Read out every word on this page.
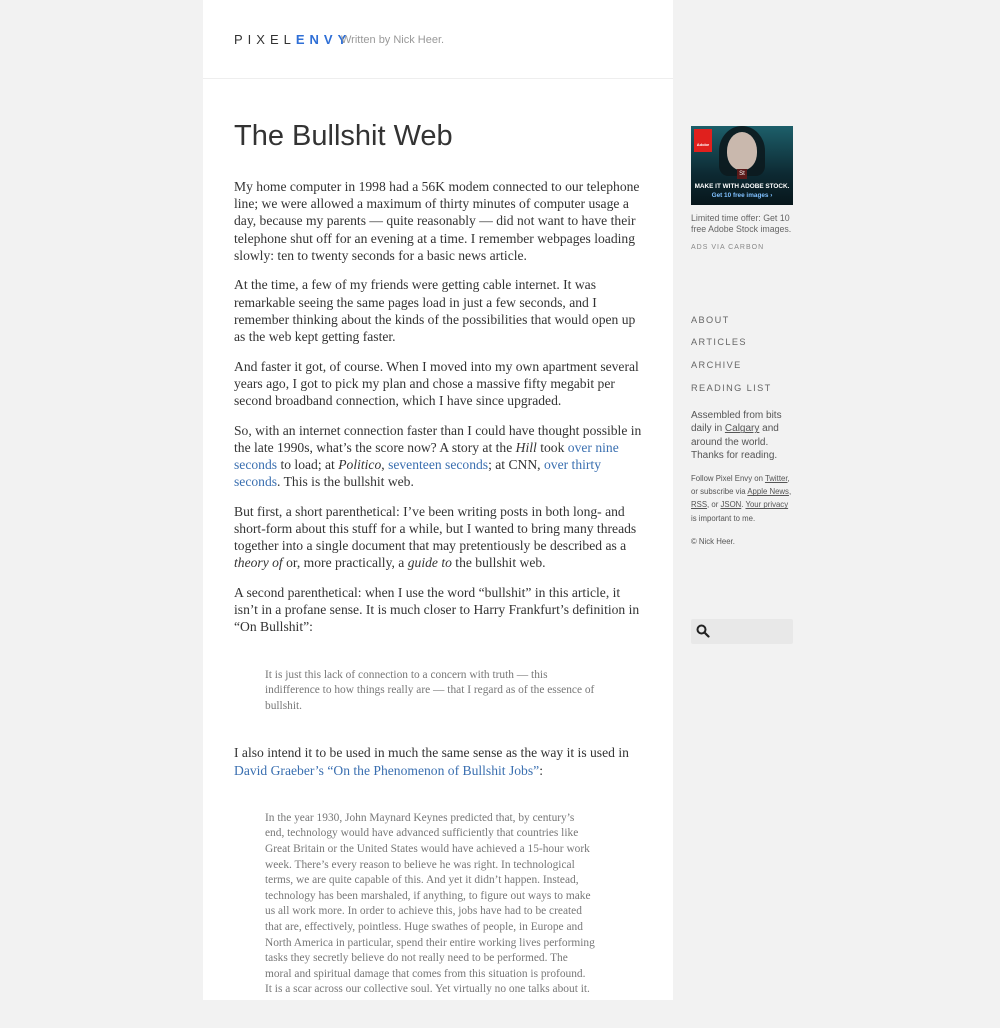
PIXELENVY
Written by Nick Heer.
The Bullshit Web

My home computer in 1998 had a 56K modem connected to our telephone line; we were allowed a maximum of thirty minutes of computer usage a day, because my parents — quite reasonably — did not want to have their telephone shut off for an evening at a time. I remember webpages loading slowly: ten to twenty seconds for a basic news article.

At the time, a few of my friends were getting cable internet. It was remarkable seeing the same pages load in just a few seconds, and I remember thinking about the kinds of the possibilities that would open up as the web kept getting faster.

And faster it got, of course. When I moved into my own apartment several years ago, I got to pick my plan and chose a massive fifty megabit per second broadband connection, which I have since upgraded.

So, with an internet connection faster than I could have thought possible in the late 1990s, what’s the score now? A story at the Hill took over nine seconds to load; at Politico, seventeen seconds; at CNN, over thirty seconds. This is the bullshit web.

But first, a short parenthetical: I’ve been writing posts in both long- and short-form about this stuff for a while, but I wanted to bring many threads together into a single document that may pretentiously be described as a theory of or, more practically, a guide to the bullshit web.

A second parenthetical: when I use the word “bullshit” in this article, it isn’t in a profane sense. It is much closer to Harry Frankfurt’s definition in “On Bullshit”:

It is just this lack of connection to a concern with truth — this indifference to how things really are — that I regard as of the essence of bullshit.

I also intend it to be used in much the same sense as the way it is used in David Graeber’s “On the Phenomenon of Bullshit Jobs”:

In the year 1930, John Maynard Keynes predicted that, by century’s end, technology would have advanced sufficiently that countries like Great Britain or the United States would have achieved a 15-hour work week. There’s every reason to believe he was right. In technological terms, we are quite capable of this. And yet it didn’t happen. Instead, technology has been marshaled, if anything, to figure out ways to make us all work more. In order to achieve this, jobs have had to be created that are, effectively, pointless. Huge swathes of people, in Europe and North America in particular, spend their entire working lives performing tasks they secretly believe do not really need to be performed. The moral and spiritual damage that comes from this situation is profound. It is a scar across our collective soul. Yet virtually no one talks about it.

Adobe
St
MAKE IT WITH ADOBE STOCK.
Get 10 free images ›
Limited time offer: Get 10 free Adobe Stock images.
ADS VIA CARBON
ABOUT
ARTICLES
ARCHIVE
READING LIST
Assembled from bits daily in Calgary and around the world. Thanks for reading.
Follow Pixel Envy on Twitter, or subscribe via Apple News, RSS, or JSON. Your privacy is important to me.
© Nick Heer.
